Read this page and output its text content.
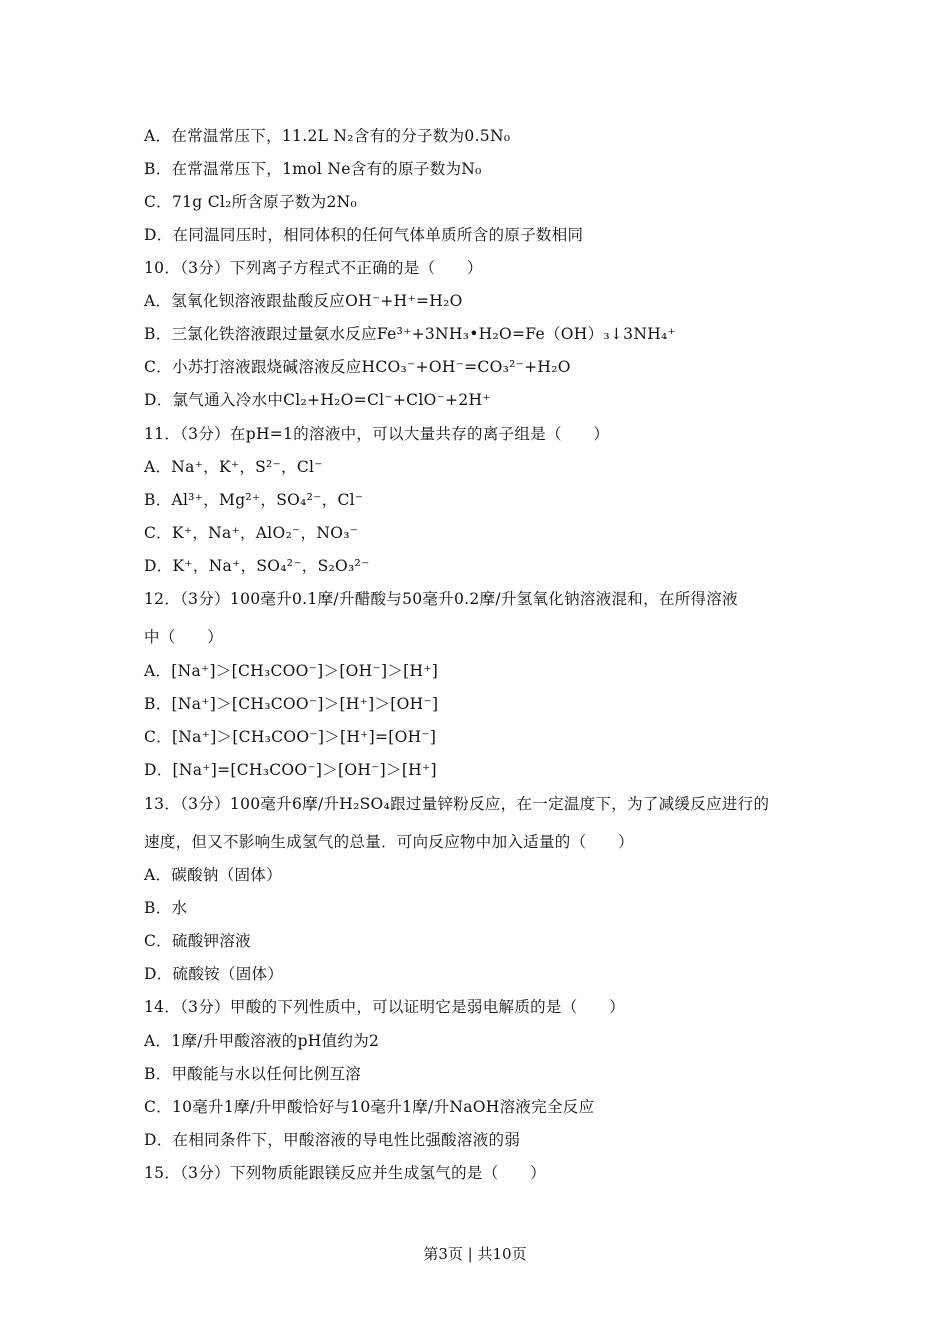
A．在常温常压下，11.2L N₂含有的分子数为0.5N₀
B．在常温常压下，1mol Ne含有的原子数为N₀
C．71g Cl₂所含原子数为2N₀
D．在同温同压时，相同体积的任何气体单质所含的原子数相同
10．（3分）下列离子方程式不正确的是（　　）
A．氢氧化钡溶液跟盐酸反应OH⁻+H⁺=H₂O
B．三氯化铁溶液跟过量氨水反应Fe³⁺+3NH₃•H₂O=Fe（OH）₃↓3NH₄⁺
C．小苏打溶液跟烧碱溶液反应HCO₃⁻+OH⁻=CO₃²⁻+H₂O
D．氯气通入冷水中Cl₂+H₂O=Cl⁻+ClO⁻+2H⁺
11．（3分）在pH=1的溶液中，可以大量共存的离子组是（　　）
A．Na⁺，K⁺，S²⁻，Cl⁻
B．Al³⁺，Mg²⁺，SO₄²⁻，Cl⁻
C．K⁺，Na⁺，AlO₂⁻，NO₃⁻
D．K⁺，Na⁺，SO₄²⁻，S₂O₃²⁻
12．（3分）100毫升0.1摩/升醋酸与50毫升0.2摩/升氢氧化钠溶液混和，在所得溶液
中（　　）
A．[Na⁺]＞[CH₃COO⁻]＞[OH⁻]＞[H⁺]
B．[Na⁺]＞[CH₃COO⁻]＞[H⁺]＞[OH⁻]
C．[Na⁺]＞[CH₃COO⁻]＞[H⁺]=[OH⁻]
D．[Na⁺]=[CH₃COO⁻]＞[OH⁻]＞[H⁺]
13．（3分）100毫升6摩/升H₂SO₄跟过量锌粉反应，在一定温度下，为了减缓反应进行的
速度，但又不影响生成氢气的总量．可向反应物中加入适量的（　　）
A．碳酸钠（固体）
B．水
C．硫酸钾溶液
D．硫酸铵（固体）
14．（3分）甲酸的下列性质中，可以证明它是弱电解质的是（　　）
A．1摩/升甲酸溶液的pH值约为2
B．甲酸能与水以任何比例互溶
C．10毫升1摩/升甲酸恰好与10毫升1摩/升NaOH溶液完全反应
D．在相同条件下，甲酸溶液的导电性比强酸溶液的弱
15．（3分）下列物质能跟镁反应并生成氢气的是（　　）
第3页 | 共10页
